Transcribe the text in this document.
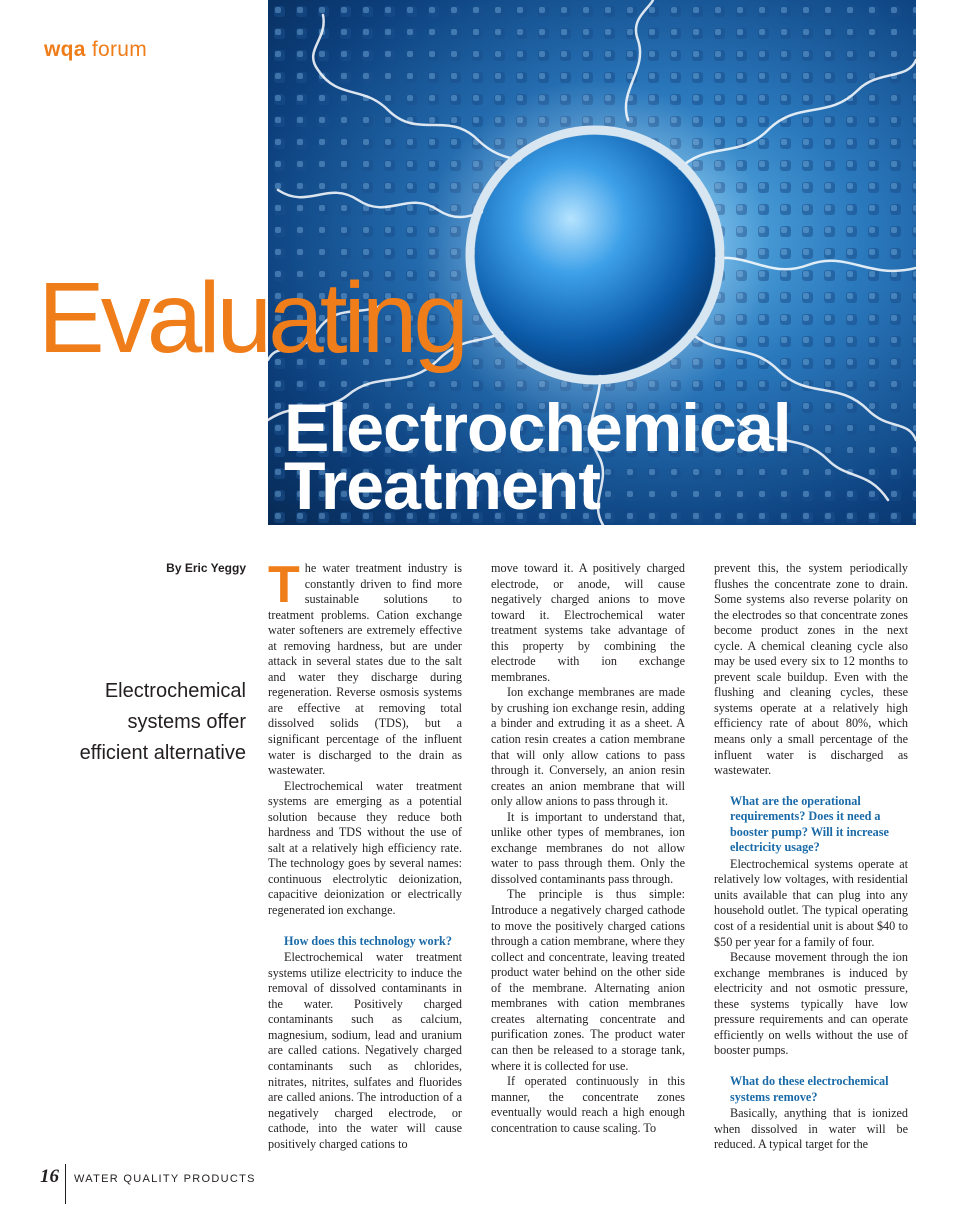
wqa forum
Evaluating
Electrochemical
Treatment
By Eric Yeggy
Electrochemical
systems offer
efficient alternative

The water treatment industry is constantly driven to find more sustainable solutions to treatment problems. Cation exchange water softeners are extremely effective at removing hardness, but are under attack in several states due to the salt and water they discharge during regeneration. Reverse osmosis systems are effective at removing total dissolved solids (TDS), but a significant percentage of the influent water is discharged to the drain as wastewater.

Electrochemical water treatment systems are emerging as a potential solution because they reduce both hardness and TDS without the use of salt at a relatively high efficiency rate. The technology goes by several names: continuous electrolytic deionization, capacitive deionization or electrically regenerated ion exchange.

How does this technology work?

Electrochemical water treatment systems utilize electricity to induce the removal of dissolved contaminants in the water. Positively charged contaminants such as calcium, magnesium, sodium, lead and uranium are called cations. Negatively charged contaminants such as chlorides, nitrates, nitrites, sulfates and fluorides are called anions. The introduction of a negatively charged electrode, or cathode, into the water will cause positively charged cations to

move toward it. A positively charged electrode, or anode, will cause negatively charged anions to move toward it. Electrochemical water treatment systems take advantage of this property by combining the electrode with ion exchange membranes.

Ion exchange membranes are made by crushing ion exchange resin, adding a binder and extruding it as a sheet. A cation resin creates a cation membrane that will only allow cations to pass through it. Conversely, an anion resin creates an anion membrane that will only allow anions to pass through it.

It is important to understand that, unlike other types of membranes, ion exchange membranes do not allow water to pass through them. Only the dissolved contaminants pass through.

The principle is thus simple: Introduce a negatively charged cathode to move the positively charged cations through a cation membrane, where they collect and concentrate, leaving treated product water behind on the other side of the membrane. Alternating anion membranes with cation membranes creates alternating concentrate and purification zones. The product water can then be released to a storage tank, where it is collected for use.

If operated continuously in this manner, the concentrate zones eventually would reach a high enough concentration to cause scaling. To

prevent this, the system periodically flushes the concentrate zone to drain. Some systems also reverse polarity on the electrodes so that concentrate zones become product zones in the next cycle. A chemical cleaning cycle also may be used every six to 12 months to prevent scale buildup. Even with the flushing and cleaning cycles, these systems operate at a relatively high efficiency rate of about 80%, which means only a small percentage of the influent water is discharged as wastewater.

What are the operational requirements? Does it need a booster pump? Will it increase electricity usage?

Electrochemical systems operate at relatively low voltages, with residential units available that can plug into any household outlet. The typical operating cost of a residential unit is about $40 to $50 per year for a family of four.

Because movement through the ion exchange membranes is induced by electricity and not osmotic pressure, these systems typically have low pressure requirements and can operate efficiently on wells without the use of booster pumps.

What do these electrochemical systems remove?

Basically, anything that is ionized when dissolved in water will be reduced. A typical target for the

16 WATER QUALITY PRODUCTS
